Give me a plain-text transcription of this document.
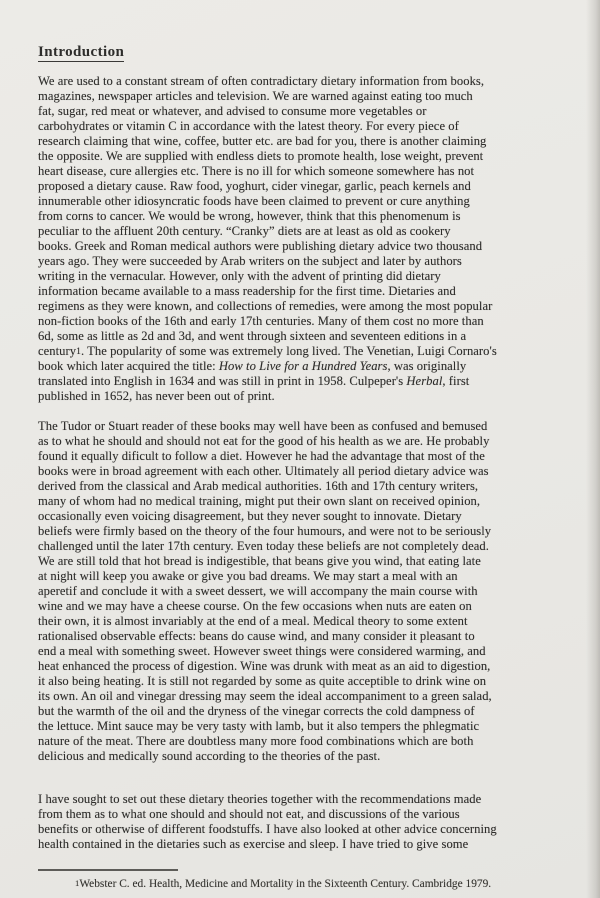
Introduction

We are used to a constant stream of often contradictary dietary information from books,
magazines, newspaper articles and television. We are warned against eating too much
fat, sugar, red meat or whatever, and advised to consume more vegetables or
carbohydrates or vitamin C in accordance with the latest theory. For every piece of
research claiming that wine, coffee, butter etc. are bad for you, there is another claiming
the opposite. We are supplied with endless diets to promote health, lose weight, prevent
heart disease, cure allergies etc. There is no ill for which someone somewhere has not
proposed a dietary cause. Raw food, yoghurt, cider vinegar, garlic, peach kernels and
innumerable other idiosyncratic foods have been claimed to prevent or cure anything
from corns to cancer. We would be wrong, however, think that this phenomenum is
peculiar to the affluent 20th century. “Cranky” diets are at least as old as cookery
books. Greek and Roman medical authors were publishing dietary advice two thousand
years ago. They were succeeded by Arab writers on the subject and later by authors
writing in the vernacular. However, only with the advent of printing did dietary
information became available to a mass readership for the first time. Dietaries and
regimens as they were known, and collections of remedies, were among the most popular
non-fiction books of the 16th and early 17th centuries. Many of them cost no more than
6d, some as little as 2d and 3d, and went through sixteen and seventeen editions in a
century$^1$. The popularity of some was extremely long lived. The Venetian, Luigi Cornaro's
book which later acquired the title: How to Live for a Hundred Years, was originally
translated into English in 1634 and was still in print in 1958. Culpeper's Herbal, first
published in 1652, has never been out of print.

The Tudor or Stuart reader of these books may well have been as confused and bemused
as to what he should and should not eat for the good of his health as we are. He probably
found it equally dificult to follow a diet. However he had the advantage that most of the
books were in broad agreement with each other. Ultimately all period dietary advice was
derived from the classical and Arab medical authorities. 16th and 17th century writers,
many of whom had no medical training, might put their own slant on received opinion,
occasionally even voicing disagreement, but they never sought to innovate. Dietary
beliefs were firmly based on the theory of the four humours, and were not to be seriously
challenged until the later 17th century. Even today these beliefs are not completely dead.
We are still told that hot bread is indigestible, that beans give you wind, that eating late
at night will keep you awake or give you bad dreams. We may start a meal with an
aperetif and conclude it with a sweet dessert, we will accompany the main course with
wine and we may have a cheese course. On the few occasions when nuts are eaten on
their own, it is almost invariably at the end of a meal. Medical theory to some extent
rationalised observable effects: beans do cause wind, and many consider it pleasant to
end a meal with something sweet. However sweet things were considered warming, and
heat enhanced the process of digestion. Wine was drunk with meat as an aid to digestion,
it also being heating. It is still not regarded by some as quite acceptible to drink wine on
its own. An oil and vinegar dressing may seem the ideal accompaniment to a green salad,
but the warmth of the oil and the dryness of the vinegar corrects the cold dampness of
the lettuce. Mint sauce may be very tasty with lamb, but it also tempers the phlegmatic
nature of the meat. There are doubtless many more food combinations which are both
delicious and medically sound according to the theories of the past.

I have sought to set out these dietary theories together with the recommendations made
from them as to what one should and should not eat, and discussions of the various
benefits or otherwise of different foodstuffs. I have also looked at other advice concerning
health contained in the dietaries such as exercise and sleep. I have tried to give some

$^1$Webster C. ed. Health, Medicine and Mortality in the Sixteenth Century. Cambridge 1979.
